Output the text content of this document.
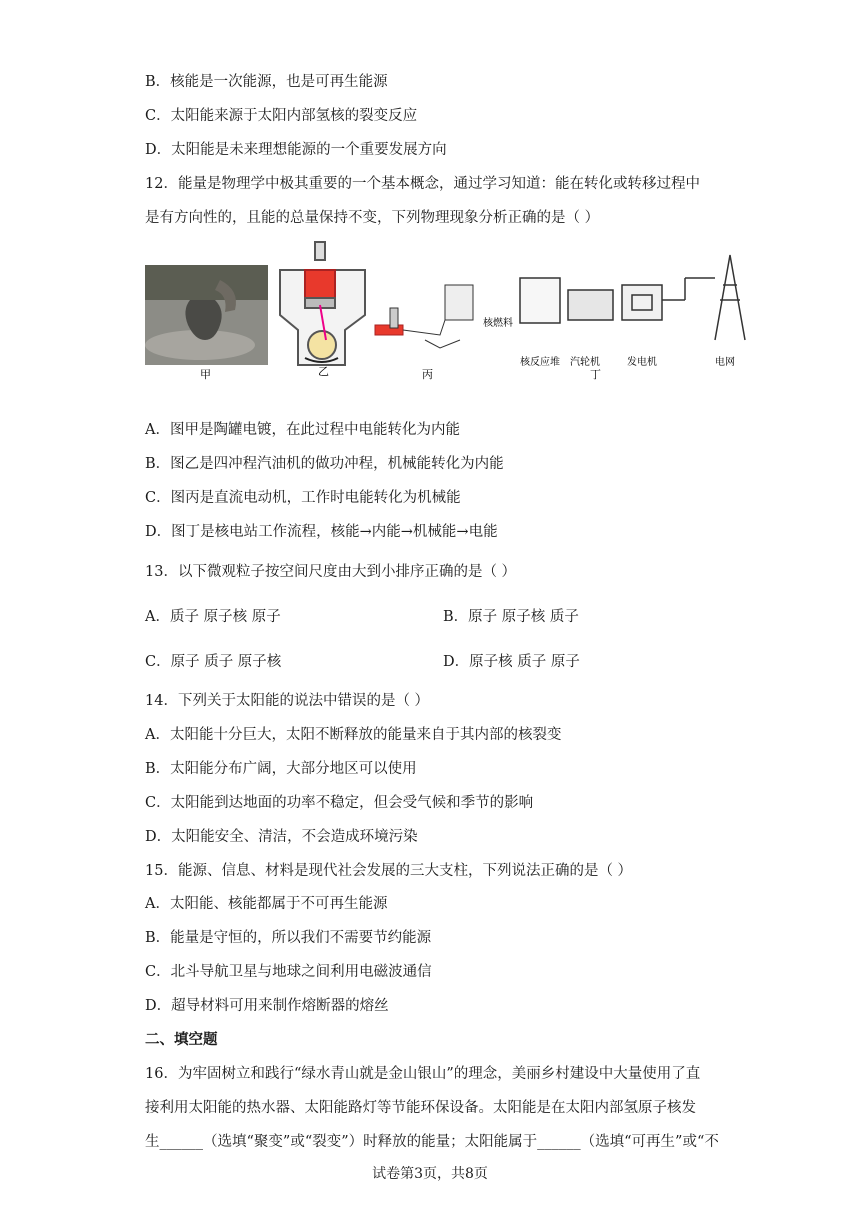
B．核能是一次能源，也是可再生能源
C．太阳能来源于太阳内部氢核的裂变反应
D．太阳能是未来理想能源的一个重要发展方向
12．能量是物理学中极其重要的一个基本概念，通过学习知道：能在转化或转移过程中
是有方向性的，且能的总量保持不变，下列物理现象分析正确的是（ ）
乙
核燃料
核反应堆 汽轮机	发电机	电网
甲	丙	丁
A．图甲是陶罐电镀，在此过程中电能转化为内能
B．图乙是四冲程汽油机的做功冲程，机械能转化为内能
C．图丙是直流电动机，工作时电能转化为机械能
D．图丁是核电站工作流程，核能→内能→机械能→电能
13．以下微观粒子按空间尺度由大到小排序正确的是（ ）
A．质子 原子核 原子	B．原子 原子核 质子
C．原子 质子 原子核	D．原子核 质子 原子
14．下列关于太阳能的说法中错误的是（ ）
A．太阳能十分巨大，太阳不断释放的能量来自于其内部的核裂变
B．太阳能分布广阔，大部分地区可以使用
C．太阳能到达地面的功率不稳定，但会受气候和季节的影响
D．太阳能安全、清洁，不会造成环境污染
15．能源、信息、材料是现代社会发展的三大支柱，下列说法正确的是（ ）
A．太阳能、核能都属于不可再生能源
B．能量是守恒的，所以我们不需要节约能源
C．北斗导航卫星与地球之间利用电磁波通信
D．超导材料可用来制作熔断器的熔丝
二、填空题
16．为牢固树立和践行“绿水青山就是金山银山”的理念，美丽乡村建设中大量使用了直
接利用太阳能的热水器、太阳能路灯等节能环保设备。太阳能是在太阳内部氢原子核发
生______（选填“聚变”或“裂变”）时释放的能量；太阳能属于______（选填“可再生”或“不
试卷第3页，共8页
